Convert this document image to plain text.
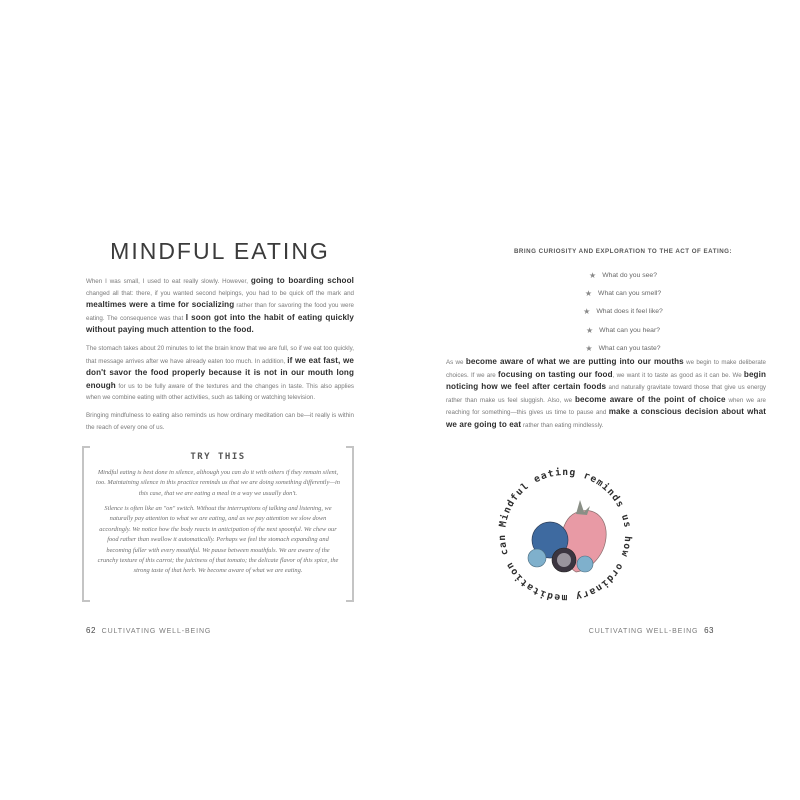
MINDFUL EATING

When I was small, I used to eat really slowly. However, going to boarding school changed all that: there, if you wanted second helpings, you had to be quick off the mark and mealtimes were a time for socializing rather than for savoring the food you were eating. The consequence was that I soon got into the habit of eating quickly without paying much attention to the food.

The stomach takes about 20 minutes to let the brain know that we are full, so if we eat too quickly, that message arrives after we have already eaten too much. In addition, if we eat fast, we don't savor the food properly because it is not in our mouth long enough for us to be fully aware of the textures and the changes in taste. This also applies when we combine eating with other activities, such as talking or watching television.

Bringing mindfulness to eating also reminds us how ordinary meditation can be—it really is within the reach of every one of us.

TRY THIS

Mindful eating is best done in silence, although you can do it with others if they remain silent, too. Maintaining silence in this practice reminds us that we are doing something differently—in this case, that we are eating a meal in a way we usually don't.

Silence is often like an "on" switch. Without the interruptions of talking and listening, we naturally pay attention to what we are eating, and as we pay attention we slow down accordingly. We notice how the body reacts in anticipation of the next spoonful. We chew our food rather than swallow it automatically. Perhaps we feel the stomach expanding and becoming fuller with every mouthful. We pause between mouthfuls. We are aware of the crunchy texture of this carrot; the juiciness of that tomato; the delicate flavor of this spice, the strong taste of that herb. We become aware of what we are eating.

62 CULTIVATING WELL-BEING
BRING CURIOSITY AND EXPLORATION TO THE ACT OF EATING:
★ What do you see?
★ What can you smell?
★ What does it feel like?
★ What can you hear?
★ What can you taste?

As we become aware of what we are putting into our mouths we begin to make deliberate choices. If we are focusing on tasting our food, we want it to taste as good as it can be. We begin noticing how we feel after certain foods and naturally gravitate toward those that give us energy rather than make us feel sluggish. Also, we become aware of the point of choice when we are reaching for something—this gives us time to pause and make a conscious decision about what we are going to eat rather than eating mindlessly.

Mindful eating reminds us how ordinary meditation can
CULTIVATING WELL-BEING 63
